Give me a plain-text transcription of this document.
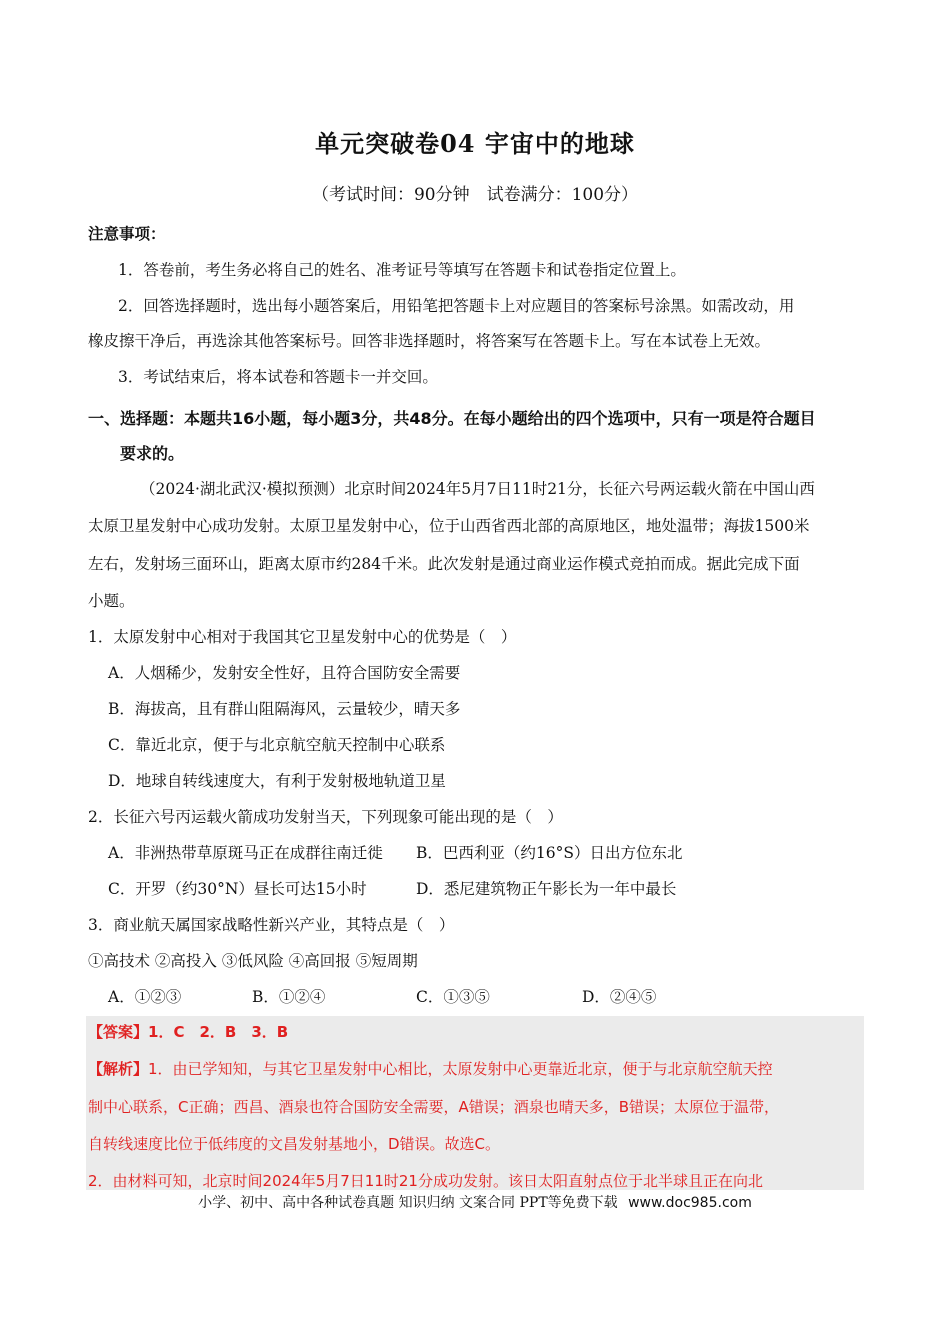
单元突破卷04 宇宙中的地球
（考试时间：90分钟　试卷满分：100分）
注意事项：
1．答卷前，考生务必将自己的姓名、准考证号等填写在答题卡和试卷指定位置上。
2．回答选择题时，选出每小题答案后，用铅笔把答题卡上对应题目的答案标号涂黑。如需改动，用
橡皮擦干净后，再选涂其他答案标号。回答非选择题时，将答案写在答题卡上。写在本试卷上无效。
3．考试结束后，将本试卷和答题卡一并交回。
一、选择题：本题共16小题，每小题3分，共48分。在每小题给出的四个选项中，只有一项是符合题目
要求的。
（2024·湖北武汉·模拟预测）北京时间2024年5月7日11时21分，长征六号两运载火箭在中国山西
太原卫星发射中心成功发射。太原卫星发射中心，位于山西省西北部的高原地区，地处温带；海拔1500米
左右，发射场三面环山，距离太原市约284千米。此次发射是通过商业运作模式竞拍而成。据此完成下面
小题。
1．太原发射中心相对于我国其它卫星发射中心的优势是（　）
A．人烟稀少，发射安全性好，且符合国防安全需要
B．海拔高，且有群山阻隔海风，云量较少，晴天多
C．靠近北京，便于与北京航空航天控制中心联系
D．地球自转线速度大，有利于发射极地轨道卫星
2．长征六号丙运载火箭成功发射当天，下列现象可能出现的是（　）
A．非洲热带草原斑马正在成群往南迁徙 B．巴西利亚（约16°S）日出方位东北
C．开罗（约30°N）昼长可达15小时	D．悉尼建筑物正午影长为一年中最长
3．商业航天属国家战略性新兴产业，其特点是（　）
①高技术 ②高投入 ③低风险 ④高回报 ⑤短周期
A．①②③	B．①②④	C．①③⑤	D．②④⑤
【答案】1．C　2．B　3．B
【解析】1．由已学知知，与其它卫星发射中心相比，太原发射中心更靠近北京，便于与北京航空航天控
制中心联系，C正确；西昌、酒泉也符合国防安全需要，A错误；酒泉也晴天多，B错误；太原位于温带，
自转线速度比位于低纬度的文昌发射基地小，D错误。故选C。
2．由材料可知，北京时间2024年5月7日11时21分成功发射。该日太阳直射点位于北半球且正在向北
小学、初中、高中各种试卷真题 知识归纳 文案合同 PPT等免费下载 www.doc985.com
